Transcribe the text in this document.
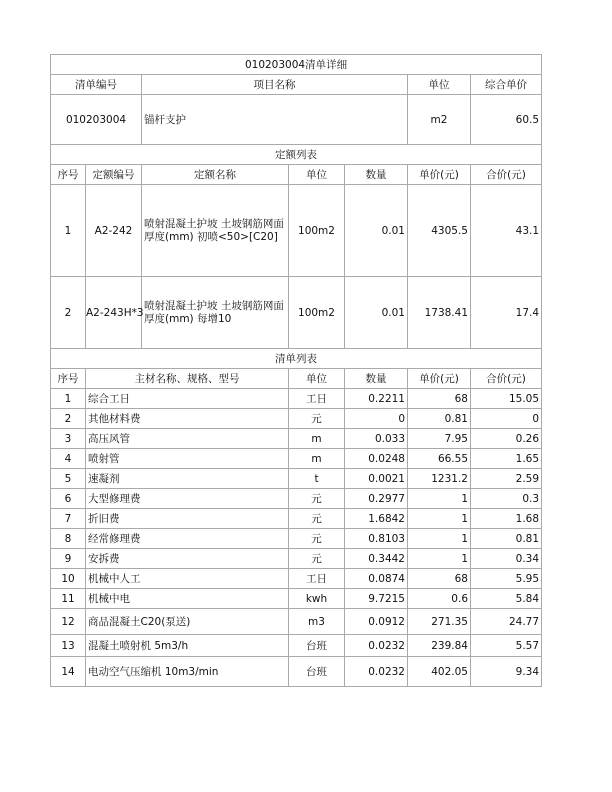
010203004清单详细						
清单编号		项目名称			单位	综合单价
010203004		锚杆支护			m2	60.5
定额列表						
序号	定额编号	定额名称	单位	数量	单价(元)	合价(元)
1	A2-242	喷射混凝土护坡 土坡钢筋网面 厚度(mm) 初喷<50>[C20]	100m2	0.01	4305.5	43.1
2	A2-243H*3	喷射混凝土护坡 土坡钢筋网面 厚度(mm) 每增10	100m2	0.01	1738.41	17.4
清单列表						
序号	主材名称、规格、型号		单位	数量	单价(元)	合价(元)
1	综合工日		工日	0.2211	68	15.05
2	其他材料费		元	0	0.81	0
3	高压风管		m	0.033	7.95	0.26
4	喷射管		m	0.0248	66.55	1.65
5	速凝剂		t	0.0021	1231.2	2.59
6	大型修理费		元	0.2977	1	0.3
7	折旧费		元	1.6842	1	1.68
8	经常修理费		元	0.8103	1	0.81
9	安拆费		元	0.3442	1	0.34
10	机械中人工		工日	0.0874	68	5.95
11	机械中电		kwh	9.7215	0.6	5.84
12	商品混凝土C20(泵送)		m3	0.0912	271.35	24.77
13	混凝土喷射机 5m3/h		台班	0.0232	239.84	5.57
14	电动空气压缩机 10m3/min		台班	0.0232	402.05	9.34
